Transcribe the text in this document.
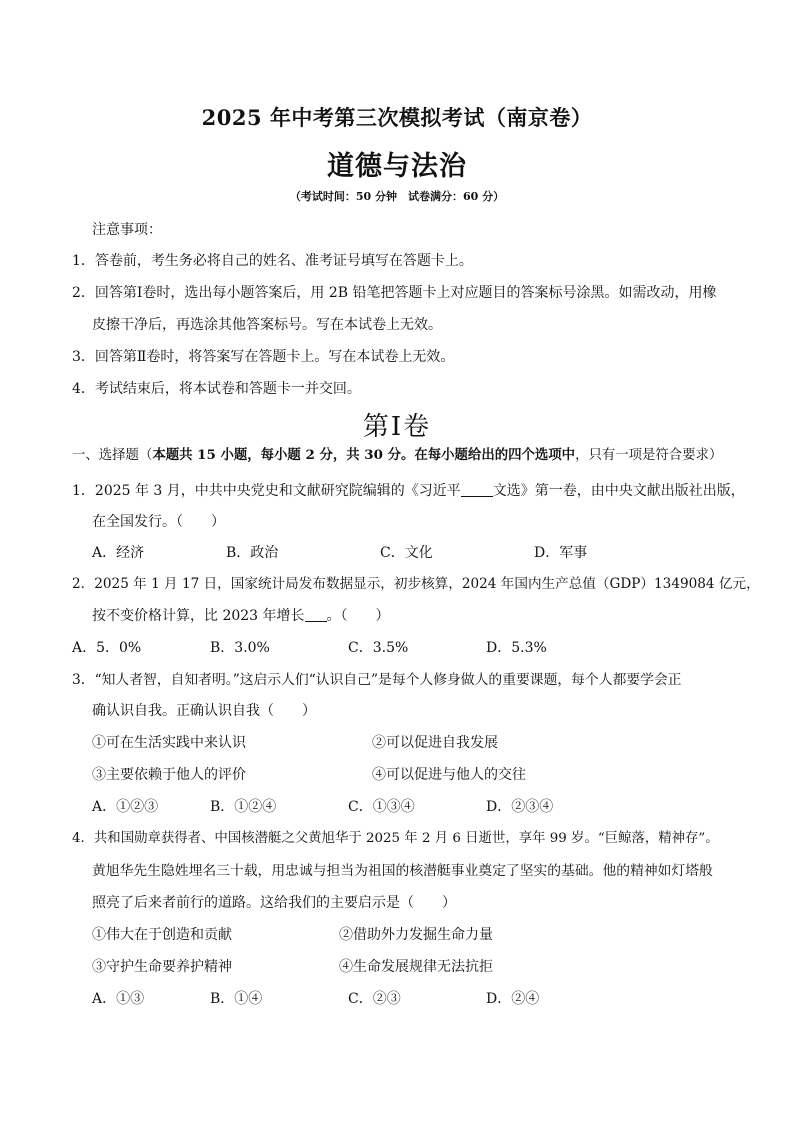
2025 年中考第三次模拟考试（南京卷）
道德与法治
（考试时间：50 分钟　试卷满分：60 分）
注意事项：
1．答卷前，考生务必将自己的姓名、准考证号填写在答题卡上。
2．回答第Ⅰ卷时，选出每小题答案后，用 2B 铅笔把答题卡上对应题目的答案标号涂黑。如需改动，用橡
皮擦干净后，再选涂其他答案标号。写在本试卷上无效。
3．回答第Ⅱ卷时，将答案写在答题卡上。写在本试卷上无效。
4．考试结束后，将本试卷和答题卡一并交回。
第Ⅰ卷
一、选择题（本题共 15 小题，每小题 2 分，共 30 分。在每小题给出的四个选项中，只有一项是符合要求）
1．2025 年 3 月，中共中央党史和文献研究院编辑的《习近平 文选》第一卷，由中央文献出版社出版，
在全国发行。（　　）
A．经济	B．政治	C．文化	D．军事
2．2025 年 1 月 17 日，国家统计局发布数据显示，初步核算，2024 年国内生产总值（GDP）1349084 亿元，
按不变价格计算，比 2023 年增长 。（　　）
A．5．0%	B．3.0%	C．3.5%	D．5.3%
3．“知人者智，自知者明。”这启示人们“认识自己”是每个人修身做人的重要课题，每个人都要学会正
确认识自我。正确认识自我（　　）
①可在生活实践中来认识	②可以促进自我发展
③主要依赖于他人的评价	④可以促进与他人的交往
A．①②③	B．①②④	C．①③④	D．②③④
4．共和国勋章获得者、中国核潜艇之父黄旭华于 2025 年 2 月 6 日逝世，享年 99 岁。“巨鲸落，精神存”。
黄旭华先生隐姓埋名三十载，用忠诚与担当为祖国的核潜艇事业奠定了坚实的基础。他的精神如灯塔般
照亮了后来者前行的道路。这给我们的主要启示是（　　）
①伟大在于创造和贡献	②借助外力发掘生命力量
③守护生命要养护精神	④生命发展规律无法抗拒
A．①③	B．①④	C．②③	D．②④
